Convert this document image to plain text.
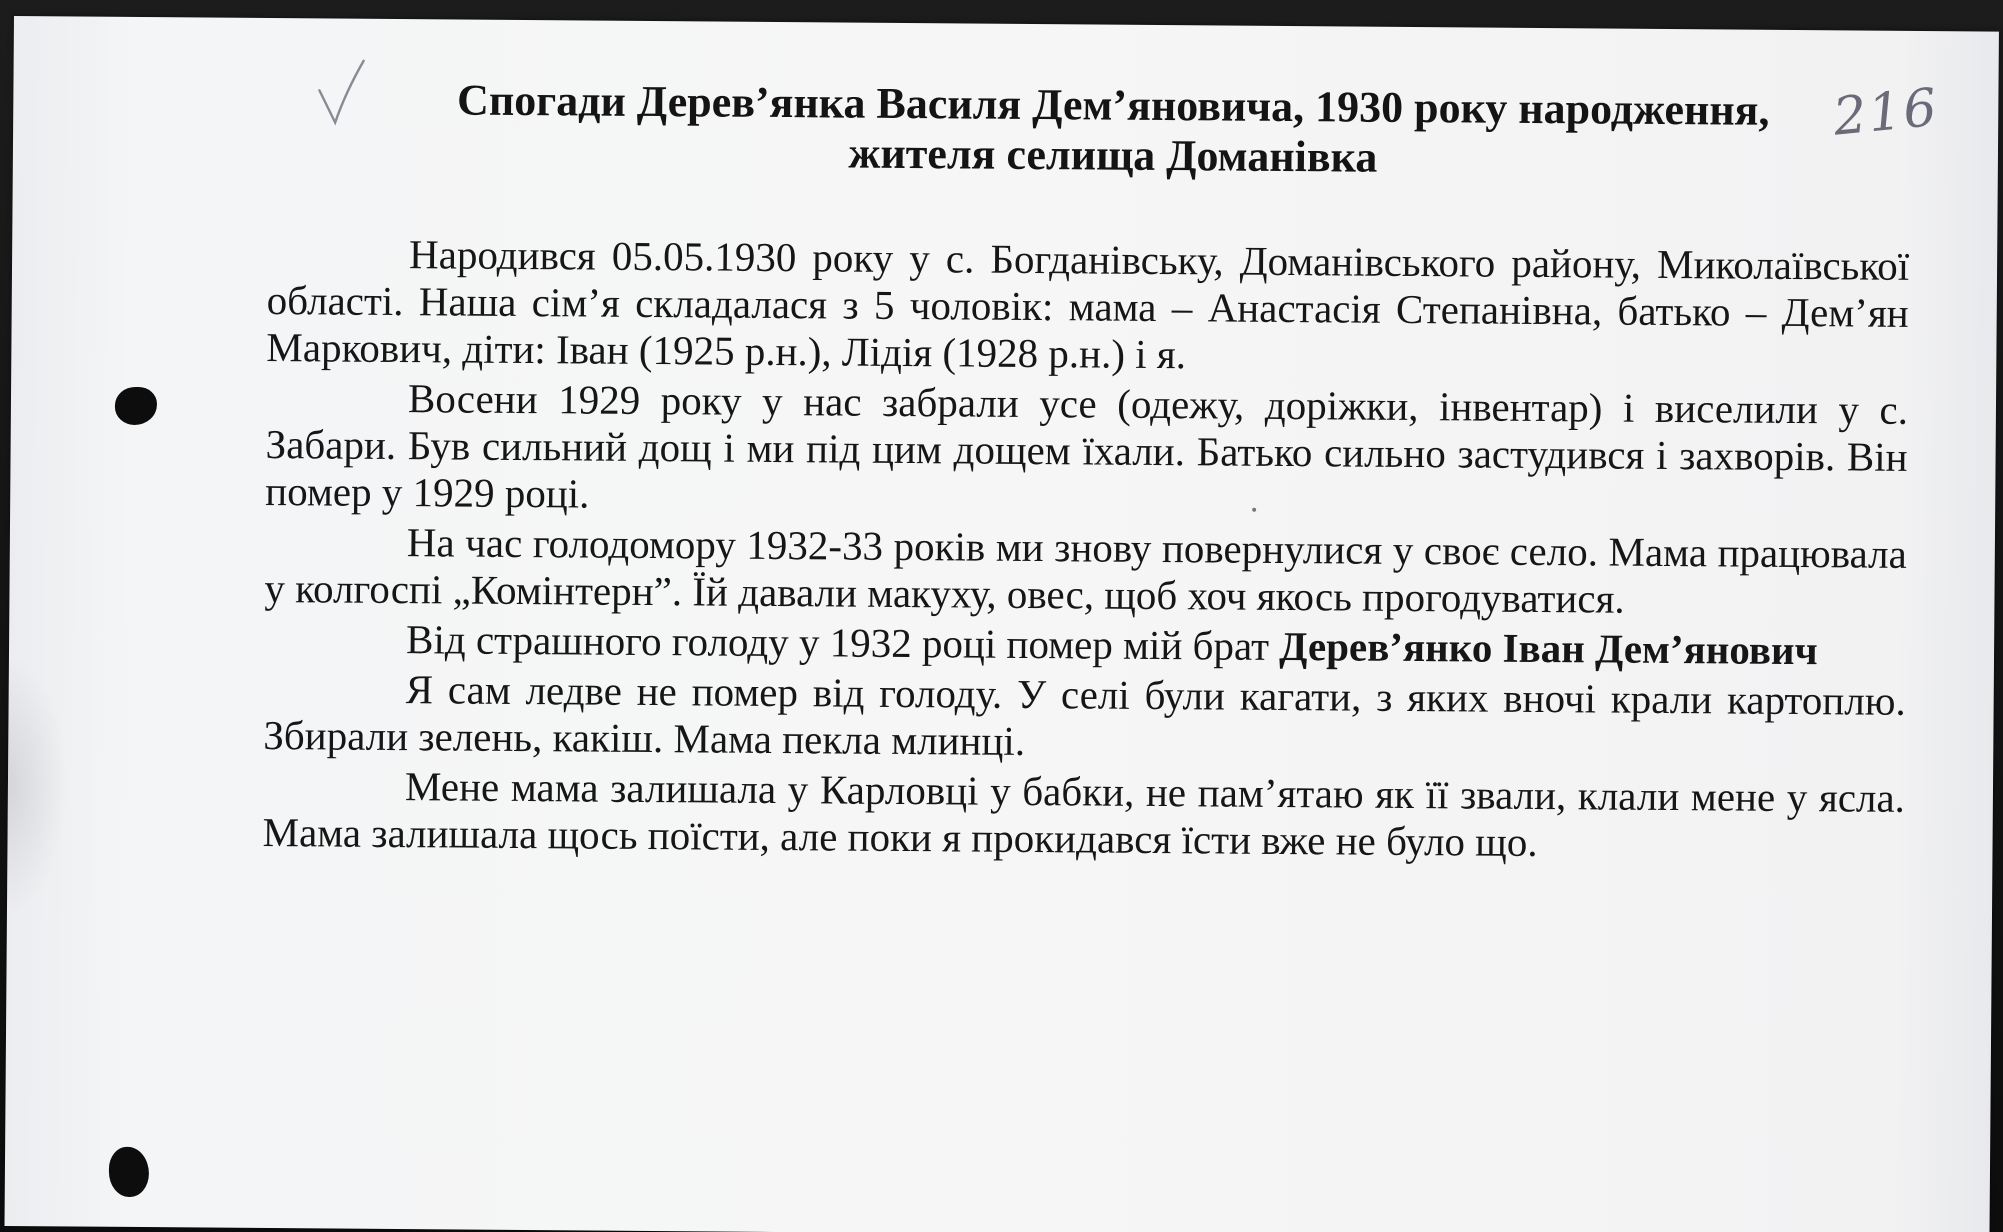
216
Спогади Дерев’янка Василя Дем’яновича, 1930 року народження,
жителя селища Доманівка

Народився 05.05.1930 року у с. Богданівську, Доманівського району, Миколаївської області. Наша сім’я складалася з 5 чоловік: мама – Анастасія Степанівна, батько – Дем’ян Маркович, діти: Іван (1925 р.н.), Лідія (1928 р.н.) і я.

Восени 1929 року у нас забрали усе (одежу, доріжки, інвентар) і виселили у с. Забари. Був сильний дощ і ми під цим дощем їхали. Батько сильно застудився і захворів. Він помер у 1929 році.

На час голодомору 1932-33 років ми знову повернулися у своє село. Мама працювала у колгоспі „Комінтерн”. Їй давали макуху, овес, щоб хоч якось прогодуватися.

Від страшного голоду у 1932 році помер мій брат Дерев’янко Іван Дем’янович

Я сам ледве не помер від голоду. У селі були кагати, з яких вночі крали картоплю. Збирали зелень, какіш. Мама пекла млинці.

Мене мама залишала у Карловці у бабки, не пам’ятаю як її звали, клали мене у ясла. Мама залишала щось поїсти, але поки я прокидався їсти вже не було що.
